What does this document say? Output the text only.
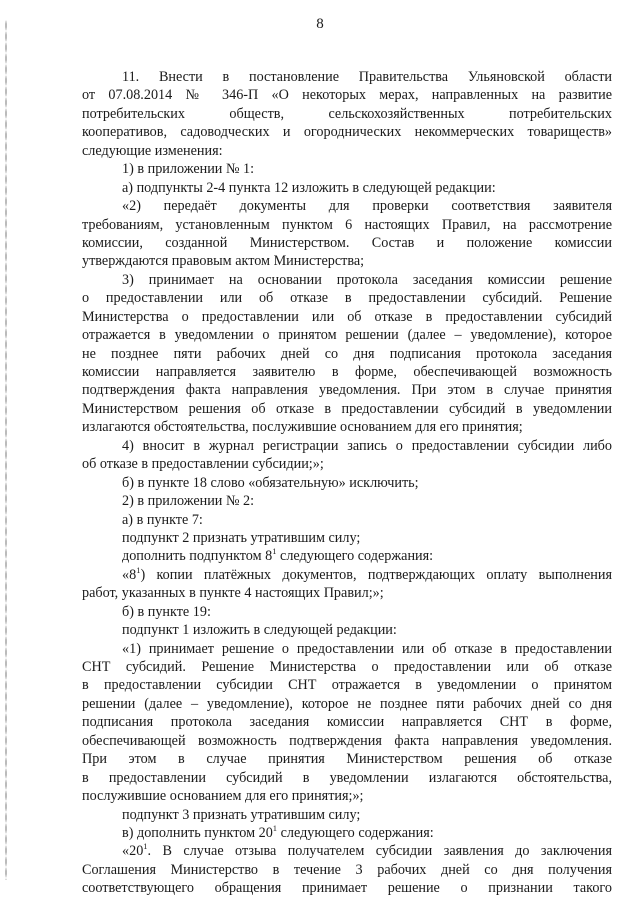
8
11. Внести в постановление Правительства Ульяновской области
от 07.08.2014 № 346-П «О некоторых мерах, направленных на развитие
потребительских обществ, сельскохозяйственных потребительских
кооперативов, садоводческих и огороднических некоммерческих товариществ»
следующие изменения:
1) в приложении № 1:
а) подпункты 2-4 пункта 12 изложить в следующей редакции:
«2) передаёт документы для проверки соответствия заявителя
требованиям, установленным пунктом 6 настоящих Правил, на рассмотрение
комиссии, созданной Министерством. Состав и положение комиссии
утверждаются правовым актом Министерства;
3) принимает на основании протокола заседания комиссии решение
о предоставлении или об отказе в предоставлении субсидий. Решение
Министерства о предоставлении или об отказе в предоставлении субсидий
отражается в уведомлении о принятом решении (далее – уведомление), которое
не позднее пяти рабочих дней со дня подписания протокола заседания
комиссии направляется заявителю в форме, обеспечивающей возможность
подтверждения факта направления уведомления. При этом в случае принятия
Министерством решения об отказе в предоставлении субсидий в уведомлении
излагаются обстоятельства, послужившие основанием для его принятия;
4) вносит в журнал регистрации запись о предоставлении субсидии либо
об отказе в предоставлении субсидии;»;
б) в пункте 18 слово «обязательную» исключить;
2) в приложении № 2:
а) в пункте 7:
подпункт 2 признать утратившим силу;
дополнить подпунктом $8^1$ следующего содержания:
«$8^1$) копии платёжных документов, подтверждающих оплату выполнения
работ, указанных в пункте 4 настоящих Правил;»;
б) в пункте 19:
подпункт 1 изложить в следующей редакции:
«1) принимает решение о предоставлении или об отказе в предоставлении
СНТ субсидий. Решение Министерства о предоставлении или об отказе
в предоставлении субсидии СНТ отражается в уведомлении о принятом
решении (далее – уведомление), которое не позднее пяти рабочих дней со дня
подписания протокола заседания комиссии направляется СНТ в форме,
обеспечивающей возможность подтверждения факта направления уведомления.
При этом в случае принятия Министерством решения об отказе
в предоставлении субсидий в уведомлении излагаются обстоятельства,
послужившие основанием для его принятия;»;
подпункт 3 признать утратившим силу;
в) дополнить пунктом $20^1$ следующего содержания:
«$20^1$. В случае отзыва получателем субсидии заявления до заключения
Соглашения Министерство в течение 3 рабочих дней со дня получения
соответствующего обращения принимает решение о признании такого
